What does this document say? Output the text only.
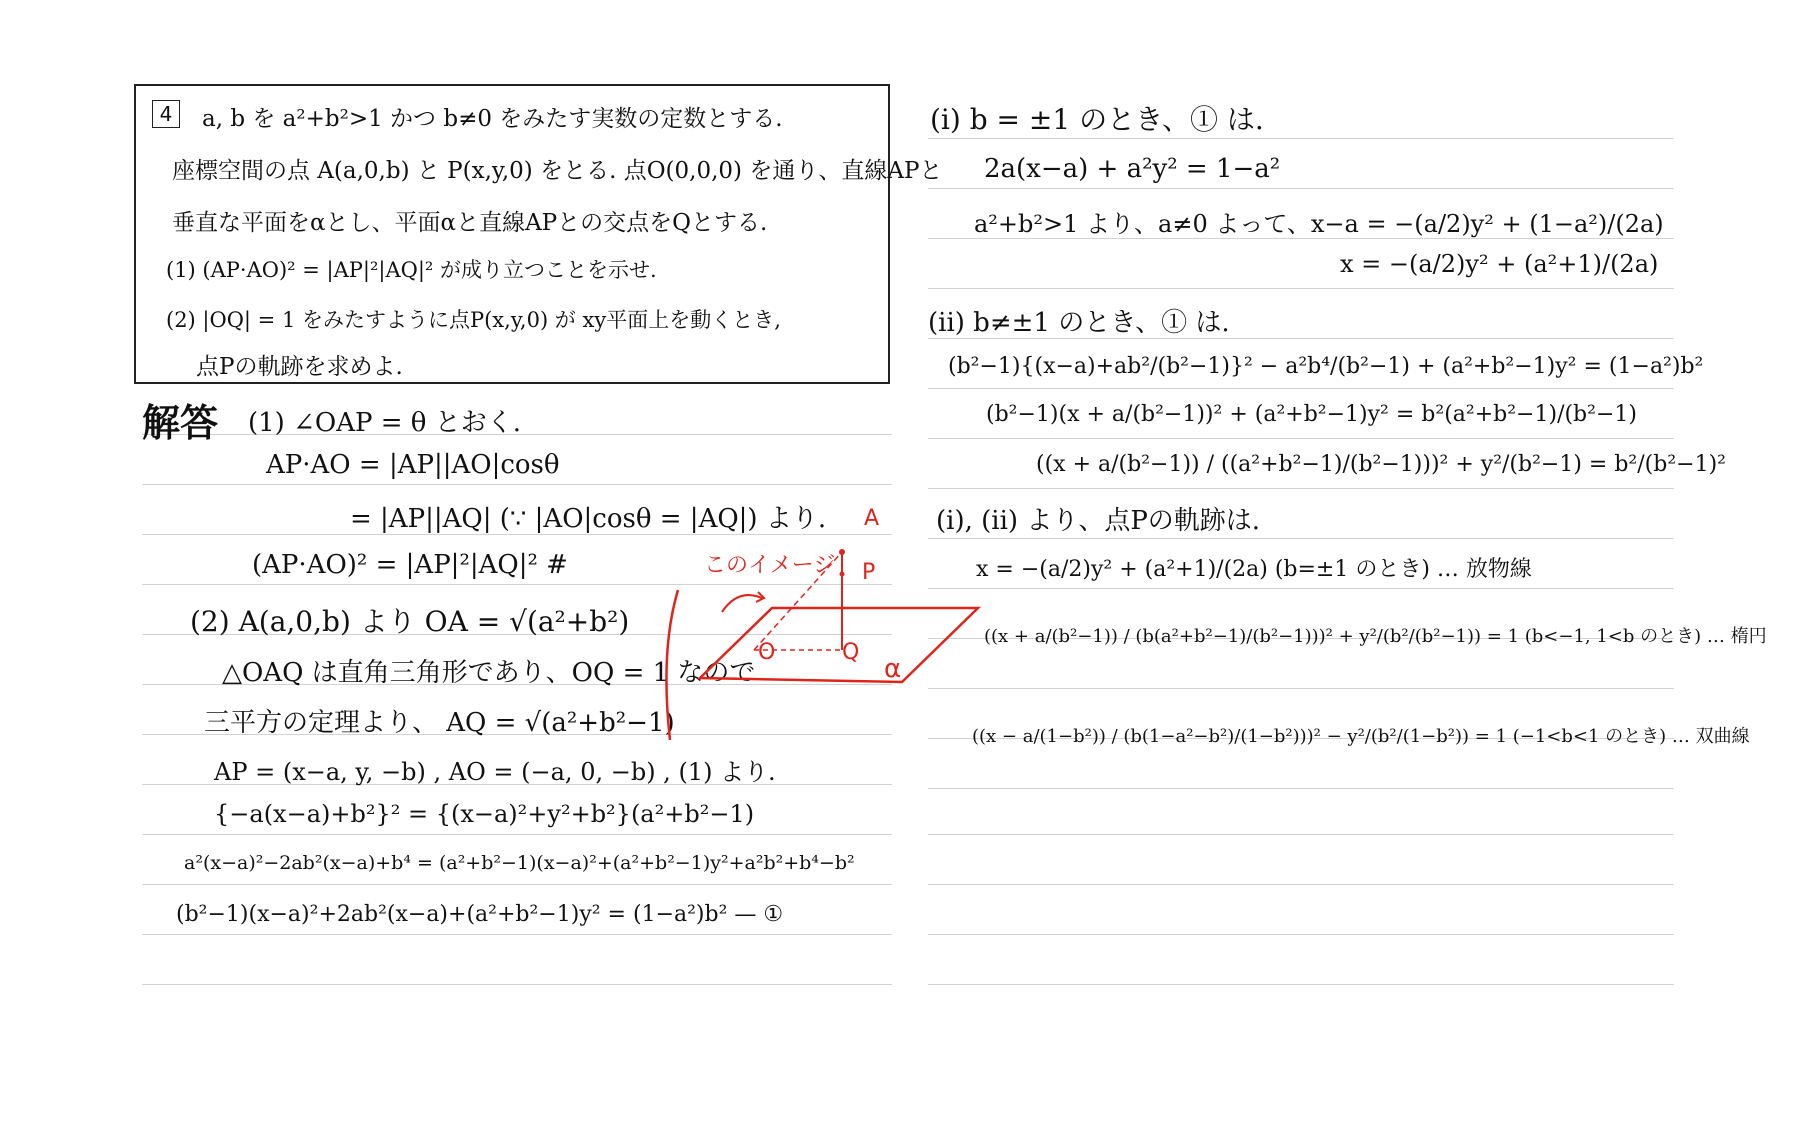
4	a, b を a²+b²>1 かつ b≠0 をみたす実数の定数とする.
座標空間の点 A(a,0,b) と P(x,y,0) をとる. 点O(0,0,0) を通り、直線APと
垂直な平面をαとし、平面αと直線APとの交点をQとする.
(1) (AP·AO)² = |AP|²|AQ|² が成り立つことを示せ.
(2) |OQ| = 1 をみたすように点P(x,y,0) が xy平面上を動くとき,
点Pの軌跡を求めよ.
解答 (1) ∠OAP = θ とおく.
AP·AO = |AP||AO|cosθ
= |AP||AQ| (∵ |AO|cosθ = |AQ|) より.
(AP·AO)² = |AP|²|AQ|² #
(2) A(a,0,b) より OA = √(a²+b²)
△OAQ は直角三角形であり、OQ = 1 なので
三平方の定理より、 AQ = √(a²+b²−1)
AP = (x−a, y, −b) , AO = (−a, 0, −b) , (1) より.
{−a(x−a)+b²}² = {(x−a)²+y²+b²}(a²+b²−1)
a²(x−a)²−2ab²(x−a)+b⁴ = (a²+b²−1)(x−a)²+(a²+b²−1)y²+a²b²+b⁴−b²
(b²−1)(x−a)²+2ab²(x−a)+(a²+b²−1)y² = (1−a²)b² — ①
このイメージ
A
P
O	Q
α
(i) b = ±1 のとき、① は.
2a(x−a) + a²y² = 1−a²
a²+b²>1 より、a≠0 よって、x−a = −(a/2)y² + (1−a²)/(2a)
x = −(a/2)y² + (a²+1)/(2a)
(ii) b≠±1 のとき、① は.
(b²−1){(x−a)+ab²/(b²−1)}² − a²b⁴/(b²−1) + (a²+b²−1)y² = (1−a²)b²
(b²−1)(x + a/(b²−1))² + (a²+b²−1)y² = b²(a²+b²−1)/(b²−1)
((x + a/(b²−1)) / ((a²+b²−1)/(b²−1)))² + y²/(b²−1) = b²/(b²−1)²
(i), (ii) より、点Pの軌跡は.
x = −(a/2)y² + (a²+1)/(2a) (b=±1 のとき) … 放物線
((x + a/(b²−1)) / (b(a²+b²−1)/(b²−1)))² + y²/(b²/(b²−1)) = 1 (b<−1, 1<b のとき) … 楕円
((x − a/(1−b²)) / (b(1−a²−b²)/(1−b²)))² − y²/(b²/(1−b²)) = 1 (−1<b<1 のとき) … 双曲線
